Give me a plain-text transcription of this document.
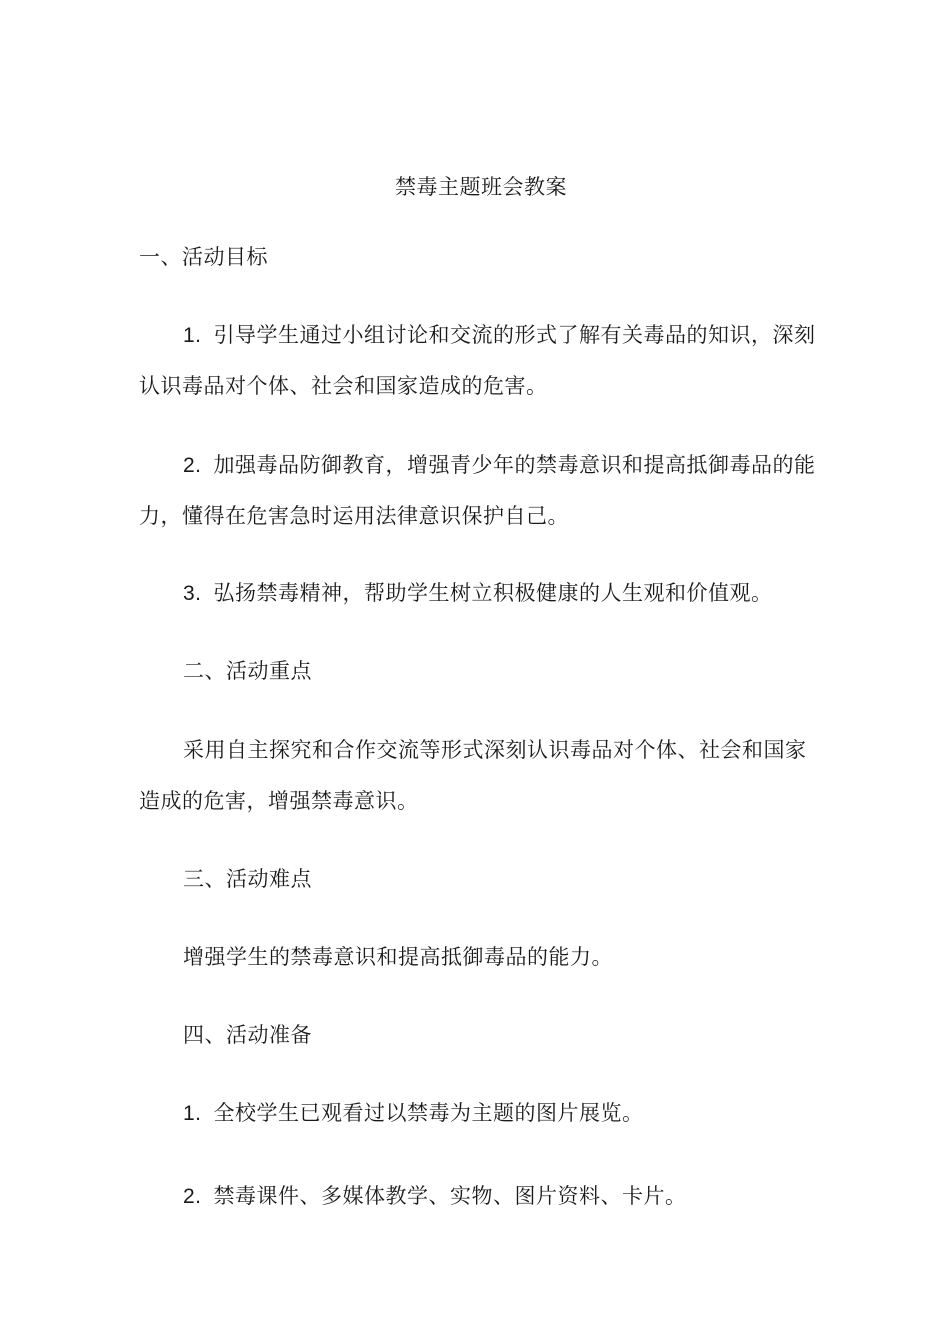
禁毒主题班会教案
一、活动目标
1. 引导学生通过小组讨论和交流的形式了解有关毒品的知识，深刻
认识毒品对个体、社会和国家造成的危害。
2. 加强毒品防御教育，增强青少年的禁毒意识和提高抵御毒品的能
力，懂得在危害急时运用法律意识保护自己。
3. 弘扬禁毒精神，帮助学生树立积极健康的人生观和价值观。
二、活动重点
采用自主探究和合作交流等形式深刻认识毒品对个体、社会和国家
造成的危害，增强禁毒意识。
三、活动难点
增强学生的禁毒意识和提高抵御毒品的能力。
四、活动准备
1. 全校学生已观看过以禁毒为主题的图片展览。
2. 禁毒课件、多媒体教学、实物、图片资料、卡片。
